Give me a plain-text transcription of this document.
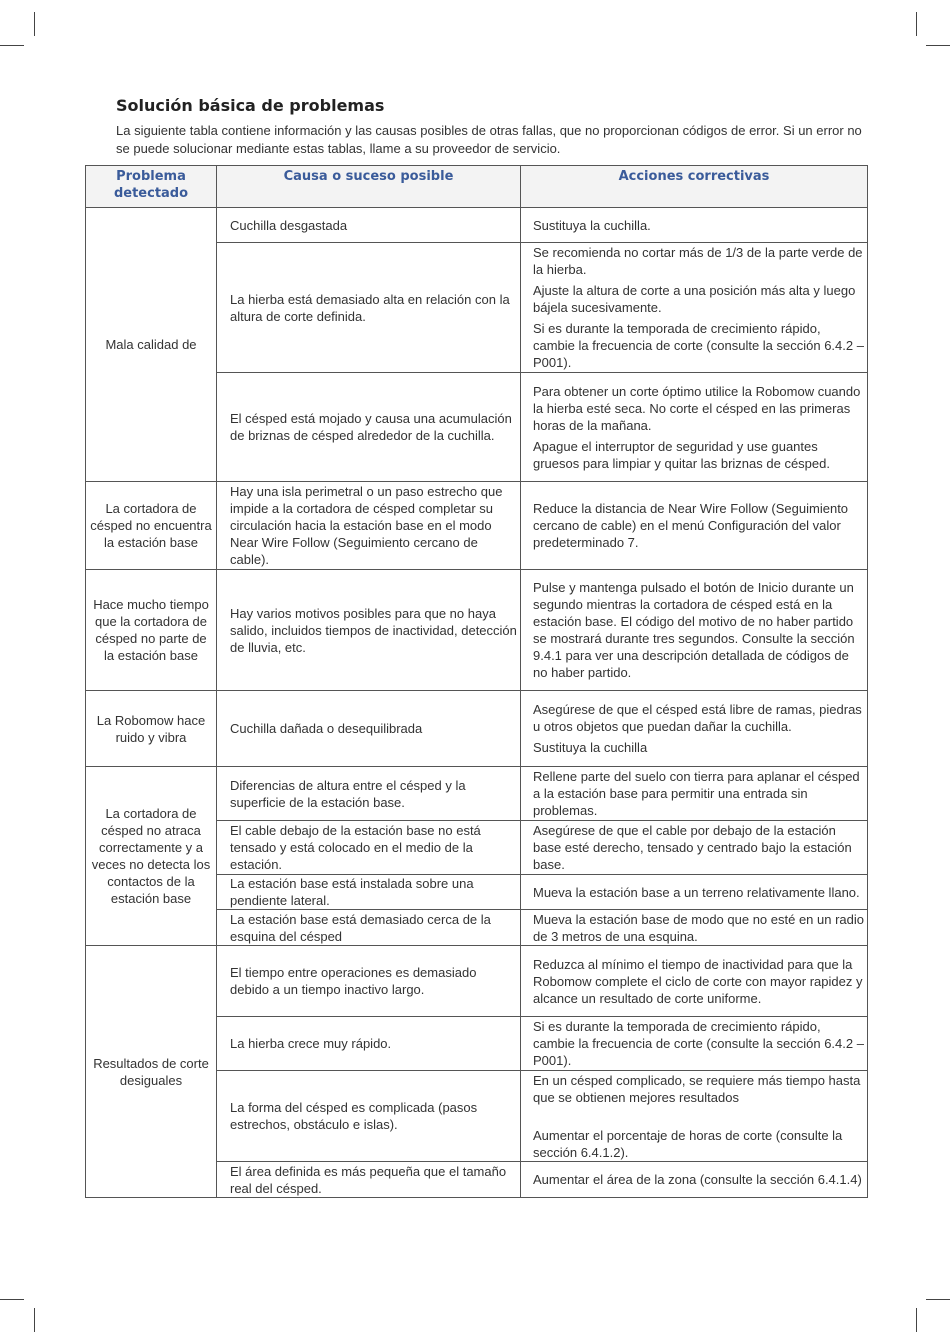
Solución básica de problemas
La siguiente tabla contiene información y las causas posibles de otras fallas, que no proporcionan códigos de error. Si un error no se puede solucionar mediante estas tablas, llame a su proveedor de servicio.
Problema detectado	Causa o suceso posible	Acciones correctivas
Mala calidad de	Cuchilla desgastada	Sustituya la cuchilla.

	La hierba está demasiado alta en relación con la altura de corte definida.	Se recomienda no cortar más de 1/3 de la parte verde de la hierba.
Ajuste la altura de corte a una posición más alta y luego bájela sucesivamente.
Si es durante la temporada de crecimiento rápido, cambie la frecuencia de corte (consulte la sección 6.4.2 – P001).

	El césped está mojado y causa una acumulación de briznas de césped alrededor de la cuchilla.	Para obtener un corte óptimo utilice la Robomow cuando la hierba esté seca. No corte el césped en las primeras horas de la mañana.
Apague el interruptor de seguridad y use guantes gruesos para limpiar y quitar las briznas de césped.

La cortadora de césped no encuentra la estación base	Hay una isla perimetral o un paso estrecho que impide a la cortadora de césped completar su circulación hacia la estación base en el modo Near Wire Follow (Seguimiento cercano de cable).	Reduce la distancia de Near Wire Follow (Seguimiento cercano de cable) en el menú Configuración del valor predeterminado 7.

Hace mucho tiempo que la cortadora de césped no parte de la estación base	Hay varios motivos posibles para que no haya salido, incluidos tiempos de inactividad, detección de lluvia, etc.	Pulse y mantenga pulsado el botón de Inicio durante un segundo mientras la cortadora de césped está en la estación base. El código del motivo de no haber partido se mostrará durante tres segundos. Consulte la sección 9.4.1 para ver una descripción detallada de códigos de no haber partido.

La Robomow hace ruido y vibra	Cuchilla dañada o desequilibrada	Asegúrese de que el césped está libre de ramas, piedras u otros objetos que puedan dañar la cuchilla.
Sustituya la cuchilla

La cortadora de césped no atraca correctamente y a veces no detecta los contactos de la estación base	Diferencias de altura entre el césped y la superficie de la estación base.	Rellene parte del suelo con tierra para aplanar el césped a la estación base para permitir una entrada sin problemas.

	El cable debajo de la estación base no está tensado y está colocado en el medio de la estación.	Asegúrese de que el cable por debajo de la estación base esté derecho, tensado y centrado bajo la estación base.

	La estación base está instalada sobre una pendiente lateral.	Mueva la estación base a un terreno relativamente llano.

	La estación base está demasiado cerca de la esquina del césped	Mueva la estación base de modo que no esté en un radio de 3 metros de una esquina.

Resultados de corte desiguales	El tiempo entre operaciones es demasiado debido a un tiempo inactivo largo.	Reduzca al mínimo el tiempo de inactividad para que la Robomow complete el ciclo de corte con mayor rapidez y alcance un resultado de corte uniforme.

	La hierba crece muy rápido.	Si es durante la temporada de crecimiento rápido, cambie la frecuencia de corte (consulte la sección 6.4.2 – P001).

	La forma del césped es complicada (pasos estrechos, obstáculo e islas).	En un césped complicado, se requiere más tiempo hasta que se obtienen mejores resultados
Aumentar el porcentaje de horas de corte (consulte la sección 6.4.1.2).

	El área definida es más pequeña que el tamaño real del césped.	Aumentar el área de la zona (consulte la sección 6.4.1.4)
